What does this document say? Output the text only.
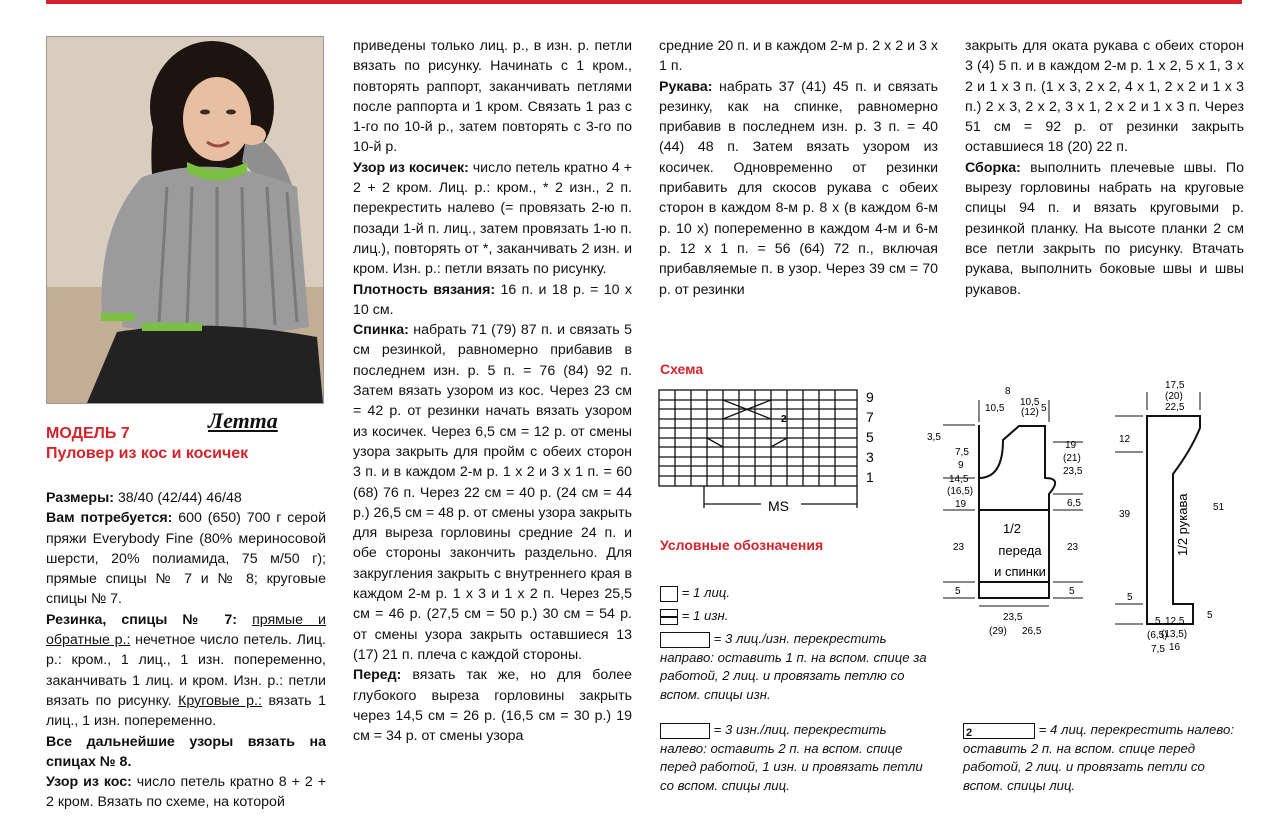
Летта
МОДЕЛЬ 7
Пуловер из кос и косичек

Размеры: 38/40 (42/44) 46/48

Вам потребуется: 600 (650) 700 г серой пряжи Everybody Fine (80% мериносовой шерсти, 20% полиамида, 75 м/50 г); прямые спицы № 7 и № 8; круговые спицы № 7.

Резинка, спицы № 7: прямые и обратные р.: нечетное число петель. Лиц. р.: кром., 1 лиц., 1 изн. попеременно, заканчивать 1 лиц. и кром. Изн. р.: петли вязать по рисунку. Круговые р.: вязать 1 лиц., 1 изн. попеременно.

Все дальнейшие узоры вязать на спицах № 8.

Узор из кос: число петель кратно 8 + 2 + 2 кром. Вязать по схеме, на которой

приведены только лиц. р., в изн. р. петли вязать по рисунку. Начинать с 1 кром., повторять раппорт, заканчивать петлями после раппорта и 1 кром. Связать 1 раз с 1-го по 10-й р., затем повторять с 3-го по 10-й р.

Узор из косичек: число петель кратно 4 + 2 + 2 кром. Лиц. р.: кром., * 2 изн., 2 п. перекрестить налево (= провязать 2-ю п. позади 1-й п. лиц., затем провязать 1-ю п. лиц.), повторять от *, заканчивать 2 изн. и кром. Изн. р.: петли вязать по рисунку.

Плотность вязания: 16 п. и 18 р. = 10 х 10 см.

Спинка: набрать 71 (79) 87 п. и связать 5 см резинкой, равномерно прибавив в последнем изн. р. 5 п. = 76 (84) 92 п. Затем вязать узором из кос. Через 23 см = 42 р. от резинки начать вязать узором из косичек. Через 6,5 см = 12 р. от смены узора закрыть для пройм с обеих сторон 3 п. и в каждом 2-м р. 1 х 2 и 3 х 1 п. = 60 (68) 76 п. Через 22 см = 40 р. (24 см = 44 р.) 26,5 см = 48 р. от смены узора закрыть для выреза горловины средние 24 п. и обе стороны закончить раздельно. Для закругления закрыть с внутреннего края в каждом 2-м р. 1 х 3 и 1 х 2 п. Через 25,5 см = 46 р. (27,5 см = 50 р.) 30 см = 54 р. от смены узора закрыть оставшиеся 13 (17) 21 п. плеча с каждой стороны.

Перед: вязать так же, но для более глубокого выреза горловины закрыть через 14,5 см = 26 р. (16,5 см = 30 р.) 19 см = 34 р. от смены узора

средние 20 п. и в каждом 2-м р. 2 х 2 и 3 х 1 п.

Рукава: набрать 37 (41) 45 п. и связать резинку, как на спинке, равномерно прибавив в последнем изн. р. 3 п. = 40 (44) 48 п. Затем вязать узором из косичек. Одновременно от резинки прибавить для скосов рукава с обеих сторон в каждом 8-м р. 8 х (в каждом 6-м р. 10 х) попеременно в каждом 4-м и 6-м р. 12 х 1 п. = 56 (64) 72 п., включая прибавляемые п. в узор. Через 39 см = 70 р. от резинки

закрыть для оката рукава с обеих сторон 3 (4) 5 п. и в каждом 2-м р. 1 х 2, 5 х 1, 3 х 2 и 1 х 3 п. (1 х 3, 2 х 2, 4 х 1, 2 х 2 и 1 х 3 п.) 2 х 3, 2 х 2, 3 х 1, 2 х 2 и 1 х 3 п. Через 51 см = 92 р. от резинки закрыть оставшиеся 18 (20) 22 п.

Сборка: выполнить плечевые швы. По вырезу горловины набрать на круговые спицы 94 п. и вязать круговыми р. резинкой планку. На высоте планки 2 см все петли закрыть по рисунку. Втачать рукава, выполнить боковые швы и швы рукавов.

Схема
2
MS
9
7
5
3
1
Условные обозначения
= 1 лиц.
= 1 изн.
= 3 лиц./изн. перекрестить направо: оставить 1 п. на вспом. спице за работой, 2 лиц. и провязать петлю со вспом. спицы изн.
= 3 изн./лиц. перекрестить налево: оставить 2 п. на вспом. спице перед работой, 1 изн. и провязать петли со вспом. спицы лиц.
2	= 4 лиц. перекрестить налево: оставить 2 п. на вспом. спице перед работой, 2 лиц. и провязать петли со вспом. спицы лиц.
8
10,5
10,5
(12) 5
3,5
7,5
9
14,5
(16,5)
19
19
(21)
23,5
6,5
23	23
5	5
23,5
(29) 26,5
1/2
переда
и спинки
17,5
(20)
22,5
12
39
51
5
5
12,5
(13,5)
16
5
(6,5)
7,5
1/2 рукава
